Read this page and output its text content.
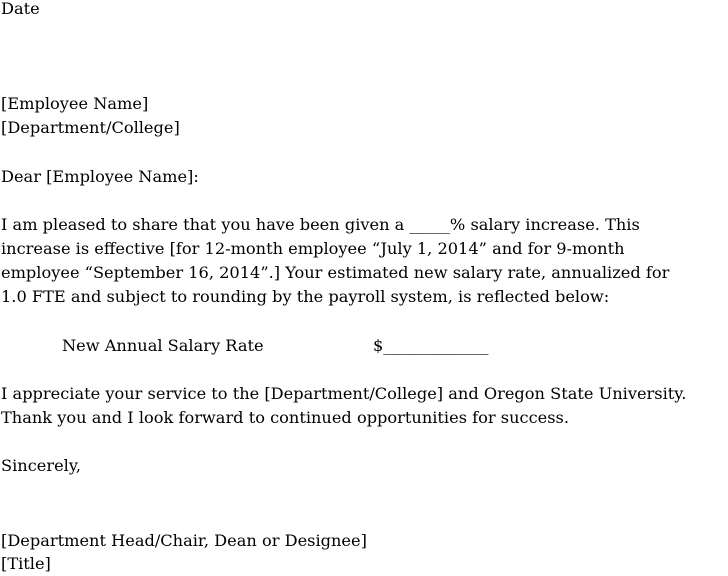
Date
[Employee Name]
[Department/College]
Dear [Employee Name]:
I am pleased to share that you have been given a _____% salary increase. This
increase is effective [for 12-month employee “July 1, 2014” and for 9-month
employee “September 16, 2014”.] Your estimated new salary rate, annualized for
1.0 FTE and subject to rounding by the payroll system, is reflected below:
New Annual Salary Rate	$_____________
I appreciate your service to the [Department/College] and Oregon State University.
Thank you and I look forward to continued opportunities for success.
Sincerely,
[Department Head/Chair, Dean or Designee]
[Title]
